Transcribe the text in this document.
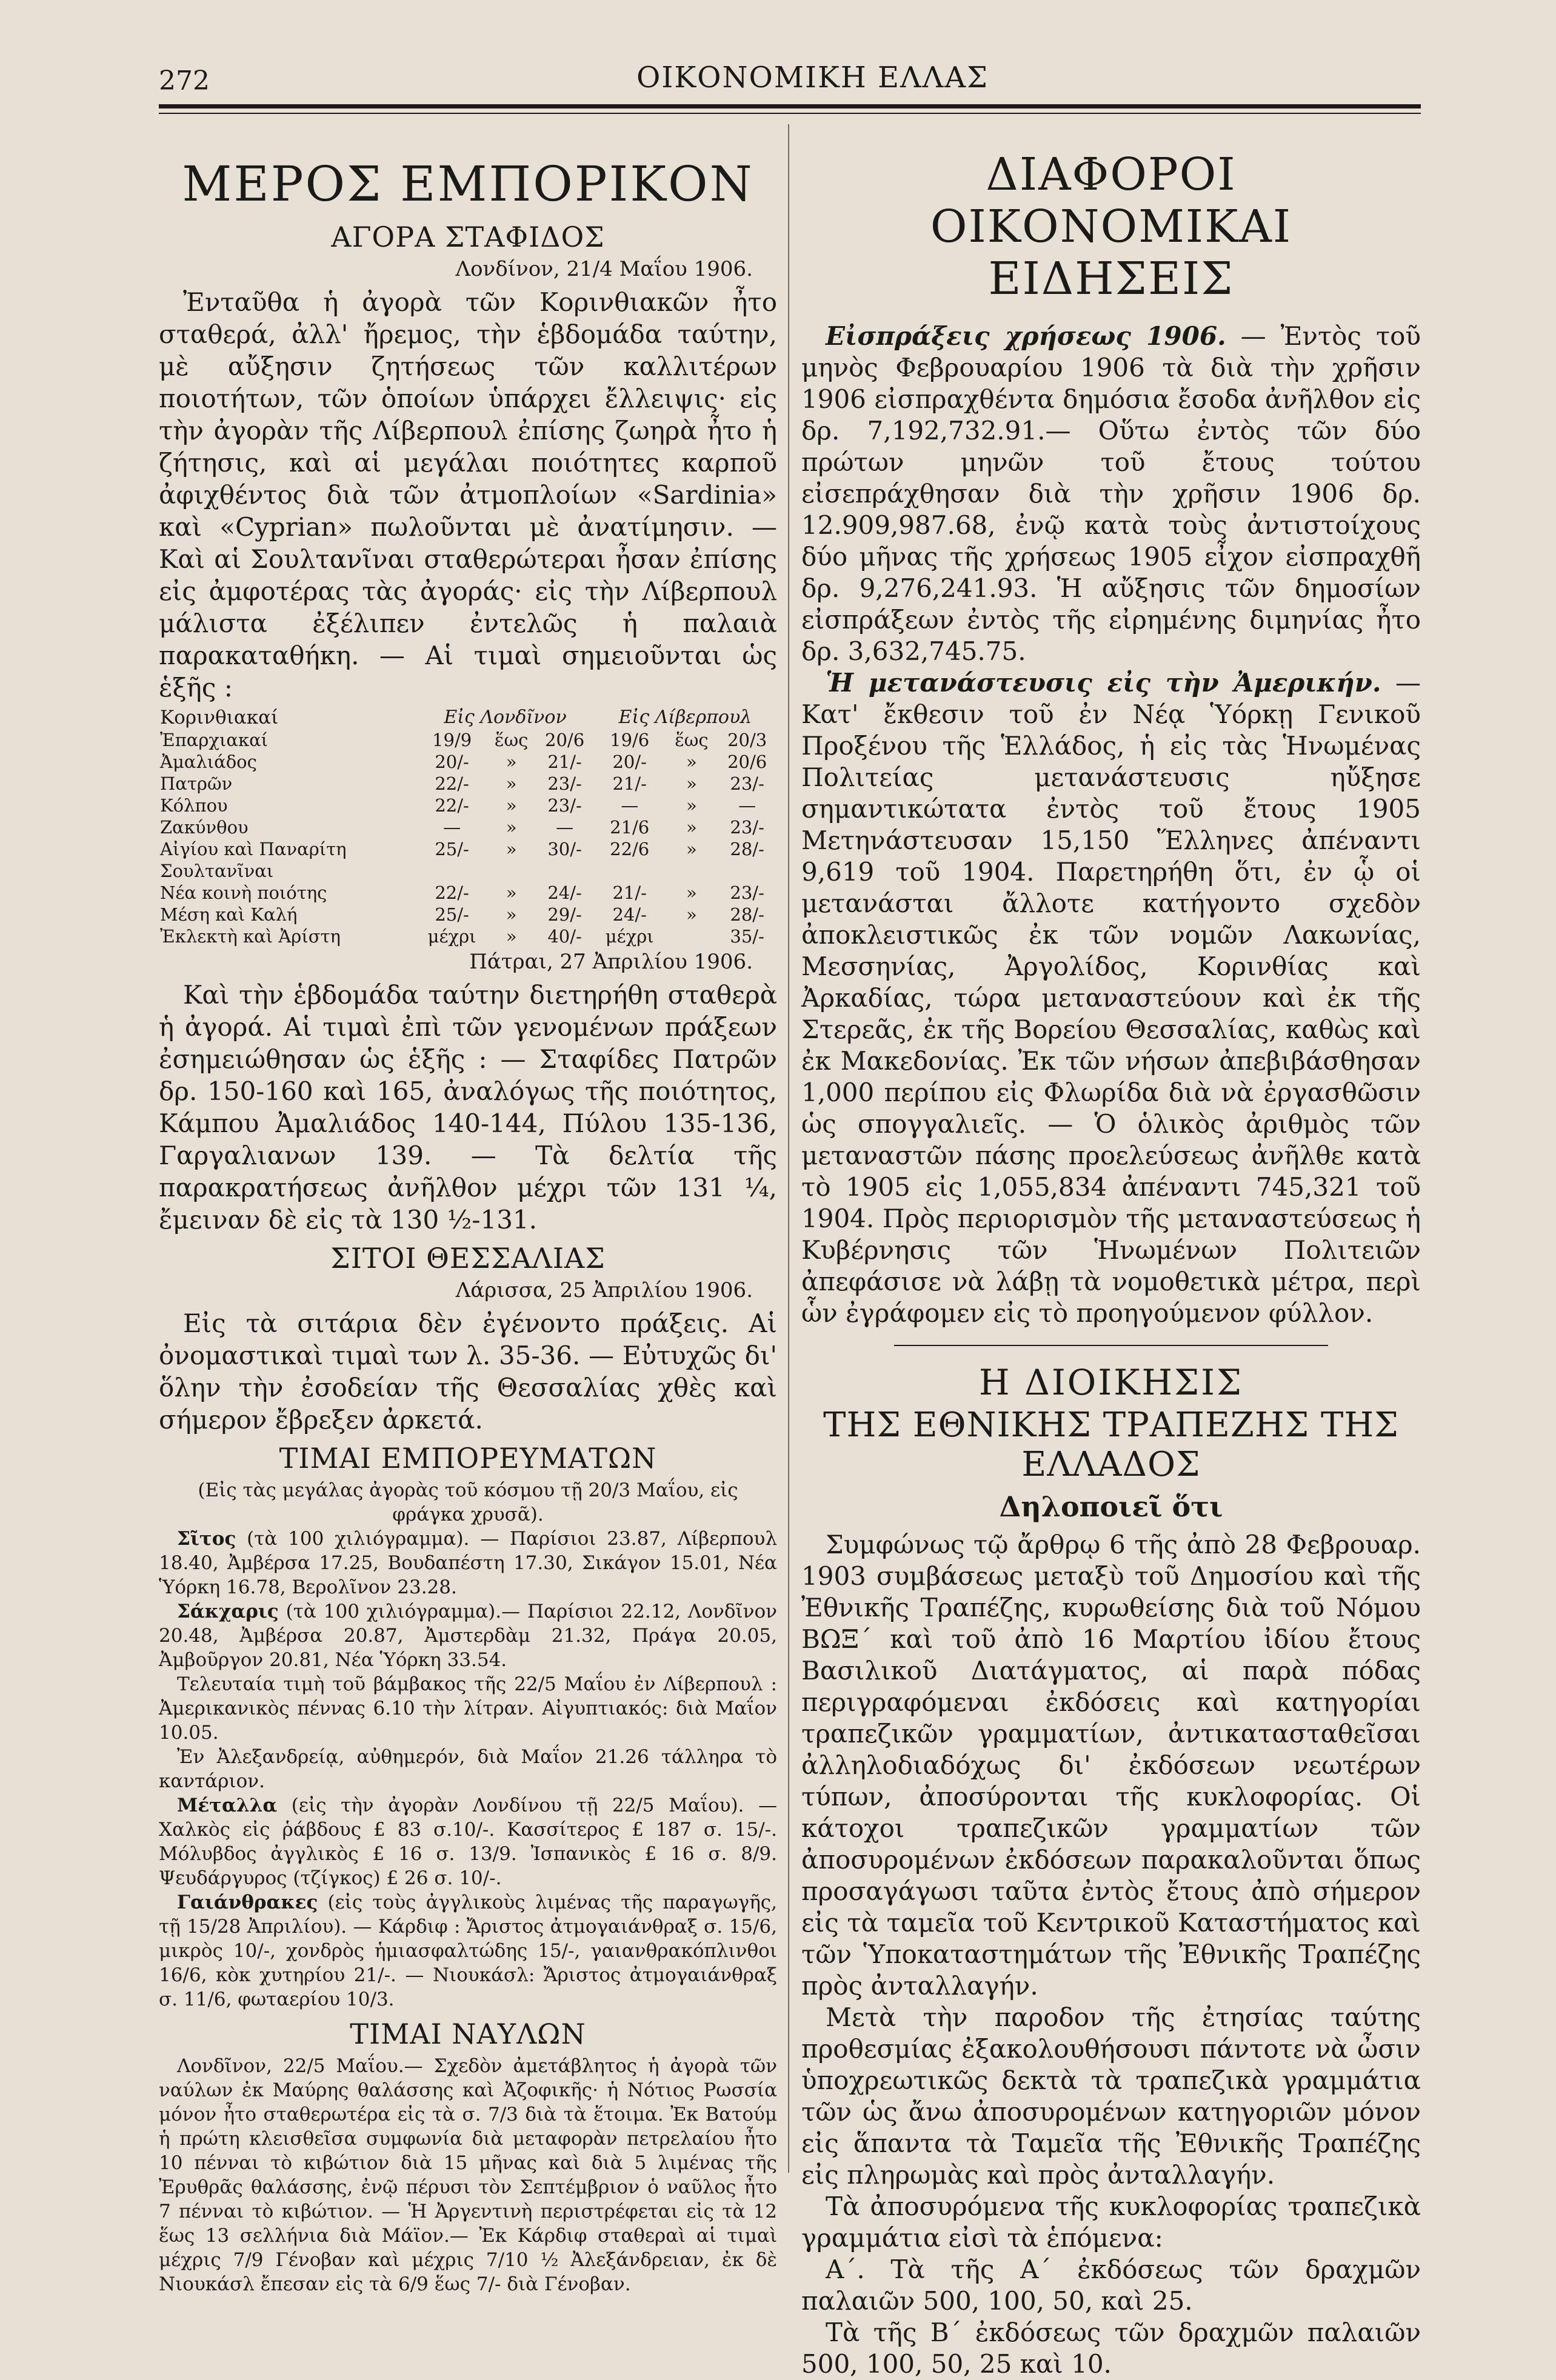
272	ΟΙΚΟΝΟΜΙΚΗ ΕΛΛΑΣ
ΜΕΡΟΣ ΕΜΠΟΡΙΚΟΝ
ΑΓΟΡΑ ΣΤΑΦΙΔΟΣ
Λονδίνον, 21/4 Μαΐου 1906.

Ἐνταῦθα ἡ ἀγορὰ τῶν Κορινθιακῶν ἦτο σταθερά, ἀλλ' ἤρεμος, τὴν ἑβδομάδα ταύτην, μὲ αὔξησιν ζητήσεως τῶν καλλιτέρων ποιοτήτων, τῶν ὁποίων ὑπάρχει ἔλλειψις· εἰς τὴν ἀγορὰν τῆς Λίβερπουλ ἐπίσης ζωηρὰ ἦτο ἡ ζήτησις, καὶ αἱ μεγάλαι ποιότητες καρποῦ ἀφιχθέντος διὰ τῶν ἀτμοπλοίων «Sardinia» καὶ «Cyprian» πωλοῦνται μὲ ἀνατίμησιν. — Καὶ αἱ Σουλτανῖναι σταθερώτεραι ἦσαν ἐπίσης εἰς ἀμφοτέρας τὰς ἀγοράς· εἰς τὴν Λίβερπουλ μάλιστα ἐξέλιπεν ἐντελῶς ἡ παλαιὰ παρακαταθήκη. — Αἱ τιμαὶ σημειοῦνται ὡς ἑξῆς :

Κορινθιακαί	Εἰς Λονδῖνον			Εἰς Λίβερπουλ		
Ἐπαρχιακαί	19/9	ἕως	20/6	19/6	ἕως	20/3
Ἀμαλιάδος	20/-	»	21/-	20/-	»	20/6
Πατρῶν	22/-	»	23/-	21/-	»	23/-
Κόλπου	22/-	»	23/-	—	»	—
Ζακύνθου	—	»	—	21/6	»	23/-
Αἰγίου καὶ Παναρίτη	25/-	»	30/-	22/6	»	28/-
Σουλτανῖναι						
Νέα κοινὴ ποιότης	22/-	»	24/-	21/-	»	23/-
Μέση καὶ Καλή	25/-	»	29/-	24/-	»	28/-
Ἐκλεκτὴ καὶ Ἀρίστη	μέχρι	»	40/-	μέχρι		35/-
Πάτραι, 27 Ἀπριλίου 1906.

Καὶ τὴν ἑβδομάδα ταύτην διετηρήθη σταθερὰ ἡ ἀγορά. Αἱ τιμαὶ ἐπὶ τῶν γενομένων πράξεων ἐσημειώθησαν ὡς ἑξῆς : — Σταφίδες Πατρῶν δρ. 150-160 καὶ 165, ἀναλόγως τῆς ποιότητος, Κάμπου Ἀμαλιάδος 140-144, Πύλου 135-136, Γαργαλιανων 139. — Τὰ δελτία τῆς παρακρατήσεως ἀνῆλθον μέχρι τῶν 131 ¼, ἔμειναν δὲ εἰς τὰ 130 ½-131.

ΣΙΤΟΙ ΘΕΣΣΑΛΙΑΣ
Λάρισσα, 25 Ἀπριλίου 1906.

Εἰς τὰ σιτάρια δὲν ἐγένοντο πράξεις. Αἱ ὀνομαστικαὶ τιμαὶ των λ. 35-36. — Εὐτυχῶς δι' ὅλην τὴν ἐσοδείαν τῆς Θεσσαλίας χθὲς καὶ σήμερον ἔβρεξεν ἀρκετά.

ΤΙΜΑΙ ΕΜΠΟΡΕΥΜΑΤΩΝ

(Εἰς τὰς μεγάλας ἀγορὰς τοῦ κόσμου τῇ 20/3 Μαΐου, εἰς φράγκα χρυσᾶ).

Σῖτος (τὰ 100 χιλιόγραμμα). — Παρίσιοι 23.87, Λίβερπουλ 18.40, Ἀμβέρσα 17.25, Βουδαπέστη 17.30, Σικάγον 15.01, Νέα Ὑόρκη 16.78, Βερολῖνον 23.28.

Σάκχαρις (τὰ 100 χιλιόγραμμα).— Παρίσιοι 22.12, Λονδῖνον 20.48, Ἀμβέρσα 20.87, Ἀμστερδὰμ 21.32, Πράγα 20.05, Ἀμβοῦργον 20.81, Νέα Ὑόρκη 33.54.

Τελευταία τιμὴ τοῦ βάμβακος τῆς 22/5 Μαΐου ἐν Λίβερπουλ : Ἀμερικανικὸς πέννας 6.10 τὴν λίτραν. Αἰγυπτιακός: διὰ Μαΐον 10.05.

Ἐν Ἀλεξανδρείᾳ, αὐθημερόν, διὰ Μαΐον 21.26 τάλληρα τὸ κανтάριον.

Μέταλλα (εἰς τὴν ἀγορὰν Λονδίνου τῇ 22/5 Μαΐου). — Χαλκὸς εἰς ῥάβδους £ 83 σ.10/-. Κασσίτερος £ 187 σ. 15/-. Μόλυβδος ἀγγλικὸς £ 16 σ. 13/9. Ἰσπανικὸς £ 16 σ. 8/9. Ψευδάργυρος (τζίγκος) £ 26 σ. 10/-.

Γαιάνθρακες (εἰς τοὺς ἀγγλικοὺς λιμένας τῆς παραγωγῆς, τῇ 15/28 Ἀπριλίου). — Κάρδιφ : Ἄριστος ἀτμογαιάνθραξ σ. 15/6, μικρὸς 10/-, χονδρὸς ἡμιασφαλτώδης 15/-, γαιανθρακόπλινθοι 16/6, κὸκ χυτηρίου 21/-. — Νιουκάσλ: Ἄριστος ἀτμογαιάνθραξ σ. 11/6, φωταερίου 10/3.

ΤΙΜΑΙ ΝΑΥΛΩΝ

Λονδῖνον, 22/5 Μαΐου.— Σχεδὸν ἀμετάβλητος ἡ ἀγορὰ τῶν ναύλων ἐκ Μαύρης θαλάσσης καὶ Ἀζοφικῆς· ἡ Νότιος Ρωσσία μόνον ἦτο σταθερωτέρα εἰς τὰ σ. 7/3 διὰ τὰ ἕτοιμα. Ἐκ Βατούμ ἡ πρώτη κλεισθεῖσα συμφωνία διὰ μεταφορὰν πετρελαίου ἦτο 10 πένναι τὸ κιβώτιον διὰ 15 μῆνας καὶ διὰ 5 λιμένας τῆς Ἐρυθρᾶς θαλάσσης, ἐνῷ πέρυσι τὸν Σεπτέμβριον ὁ ναῦλος ἦτο 7 πένναι τὸ κιβώτιον. — Ἡ Ἀργεντινὴ περιστρέφεται εἰς τὰ 12 ἕως 13 σελλήνια διὰ Μάϊον.— Ἐκ Κάρδιφ σταθεραὶ αἱ τιμαὶ μέχρις 7/9 Γένοβαν καὶ μέχρις 7/10 ½ Ἀλεξάνδρειαν, ἐκ δὲ Νιουκάσλ ἔπεσαν εἰς τὰ 6/9 ἕως 7/- διὰ Γένοβαν.

ΔΙΑΦΟΡΟΙ ΟΙΚΟΝΟΜΙΚΑΙ ΕΙΔΗΣΕΙΣ

Εἰσπράξεις χρήσεως 1906. — Ἐντὸς τοῦ μηνὸς Φεβρουαρίου 1906 τὰ διὰ τὴν χρῆσιν 1906 εἰσπραχθέντα δημόσια ἔσοδα ἀνῆλθον εἰς δρ. 7,192,732.91.— Οὕτω ἐντὸς τῶν δύο πρώτων μηνῶν τοῦ ἔτους τούτου εἰσεπράχθησαν διὰ τὴν χρῆσιν 1906 δρ. 12.909,987.68, ἐνῷ κατὰ τοὺς ἀντιστοίχους δύο μῆνας τῆς χρήσεως 1905 εἶχον εἰσπραχθῆ δρ. 9,276,241.93. Ἡ αὔξησις τῶν δημοσίων εἰσπράξεων ἐντὸς τῆς εἰρημένης διμηνίας ἦτο δρ. 3,632,745.75.

Ἡ μετανάστευσις εἰς τὴν Ἀμερικήν. — Κατ' ἔκθεσιν τοῦ ἐν Νέᾳ Ὑόρκῃ Γενικοῦ Προξένου τῆς Ἑλλάδος, ἡ εἰς τὰς Ἡνωμένας Πολιτείας μετανάστευσις ηὔξησε σημαντικώτατα ἐντὸς τοῦ ἔτους 1905 Μετηνάστευσαν 15,150 Ἕλληνες ἀπέναντι 9,619 τοῦ 1904. Παρετηρήθη ὅτι, ἐν ᾧ οἱ μετανάσται ἄλλοτε κατήγοντο σχεδὸν ἀποκλειστικῶς ἐκ τῶν νομῶν Λακωνίας, Μεσσηνίας, Ἀργολίδος, Κορινθίας καὶ Ἀρκαδίας, τώρα μεταναστεύουν καὶ ἐκ τῆς Στερεᾶς, ἐκ τῆς Βορείου Θεσσαλίας, καθὼς καὶ ἐκ Μακεδονίας. Ἐκ τῶν νήσων ἀπεβιβάσθησαν 1,000 περίπου εἰς Φλωρίδα διὰ νὰ ἐργασθῶσιν ὡς σπογγαλιεῖς. — Ὁ ὁλικὸς ἀριθμὸς τῶν μεταναστῶν πάσης προελεύσεως ἀνῆλθε κατὰ τὸ 1905 εἰς 1,055,834 ἀπέναντι 745,321 τοῦ 1904. Πρὸς περιορισμὸν τῆς μεταναστεύσεως ἡ Κυβέρνησις τῶν Ἡνωμένων Πολιτειῶν ἀπεφάσισε νὰ λάβῃ τὰ νομοθετικὰ μέτρα, περὶ ὧν ἐγράφομεν εἰς τὸ προηγούμενον φύλλον.

Η ΔΙΟΙΚΗΣΙΣ
ΤΗΣ ΕΘΝΙΚΗΣ ΤΡΑΠΕΖΗΣ ΤΗΣ ΕΛΛΑΔΟΣ
Δηλοποιεῖ ὅτι

Συμφώνως τῷ ἄρθρῳ 6 τῆς ἀπὸ 28 Φεβρουαρ. 1903 συμβάσεως μεταξὺ τοῦ Δημοσίου καὶ τῆς Ἐθνικῆς Τραπέζης, κυρωθείσης διὰ τοῦ Νόμου ΒΩΞ΄ καὶ τοῦ ἀπὸ 16 Μαρτίου ἰδίου ἔτους Βασιλικοῦ Διατάγματος, αἱ παρὰ πόδας περιγραφόμεναι ἐκδόσεις καὶ κατηγορίαι τραπεζικῶν γραμματίων, ἀντικατασταθεῖσαι ἀλληλοδιαδόχως δι' ἐκδόσεων νεωτέρων τύπων, ἀποσύρονται τῆς κυκλοφορίας. Οἱ κάτοχοι τραπεζικῶν γραμματίων τῶν ἀποσυρομένων ἐκδόσεων παρακαλοῦνται ὅπως προσαγάγωσι ταῦτα ἐντὸς ἔτους ἀπὸ σήμερον εἰς τὰ ταμεῖα τοῦ Κεντρικοῦ Καταστήματος καὶ τῶν Ὑποκαταστημάτων τῆς Ἐθνικῆς Τραπέζης πρὸς ἀνταλλαγήν.

Μετὰ τὴν παροδον τῆς ἐτησίας ταύτης προθεσμίας ἐξακολουθήσουσι πάντοτε νὰ ὦσιν ὑποχρεωτικῶς δεκτὰ τὰ τραπεζικὰ γραμμάτια τῶν ὡς ἄνω ἀποσυρομένων κατηγοριῶν μόνον εἰς ἅπαντα τὰ Ταμεῖα τῆς Ἐθνικῆς Τραπέζης εἰς πληρωμὰς καὶ πρὸς ἀνταλλαγήν.

Τὰ ἀποσυρόμενα τῆς κυκλοφορίας τραπεζικὰ γραμμάτια εἰσὶ τὰ ἑπόμενα:

Α΄. Τὰ τῆς Α΄ ἐκδόσεως τῶν δραχμῶν παλαιῶν 500, 100, 50, καὶ 25.

Τὰ τῆς Β΄ ἐκδόσεως τῶν δραχμῶν παλαιῶν 500, 100, 50, 25 καὶ 10.
